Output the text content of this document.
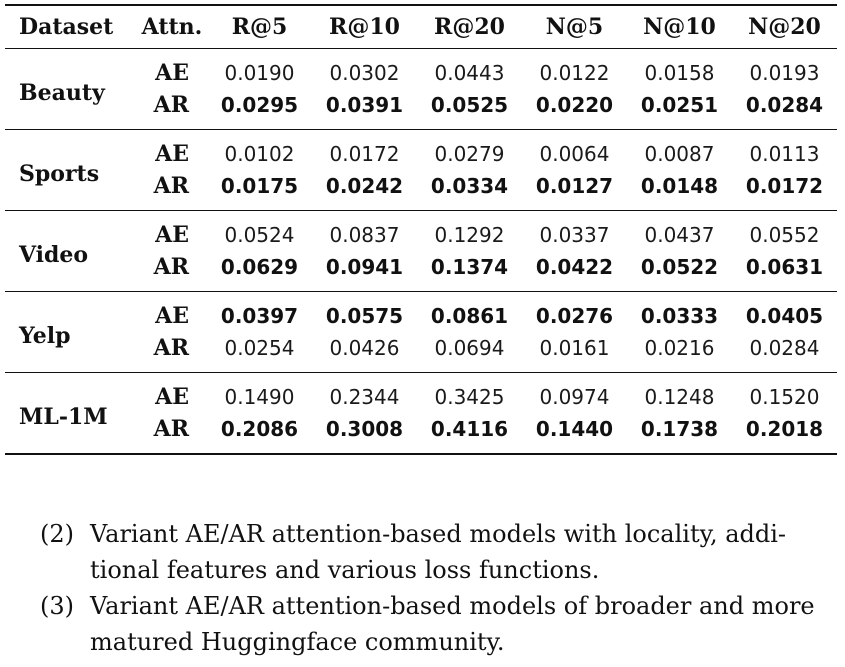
Dataset	Attn.	R@5	R@10	R@20	N@5	N@10	N@20
Beauty	AE	0.0190	0.0302	0.0443	0.0122	0.0158	0.0193
	AR	0.0295	0.0391	0.0525	0.0220	0.0251	0.0284
Sports	AE	0.0102	0.0172	0.0279	0.0064	0.0087	0.0113
	AR	0.0175	0.0242	0.0334	0.0127	0.0148	0.0172
Video	AE	0.0524	0.0837	0.1292	0.0337	0.0437	0.0552
	AR	0.0629	0.0941	0.1374	0.0422	0.0522	0.0631
Yelp	AE	0.0397	0.0575	0.0861	0.0276	0.0333	0.0405
	AR	0.0254	0.0426	0.0694	0.0161	0.0216	0.0284
ML-1M	AE	0.1490	0.2344	0.3425	0.0974	0.1248	0.1520
	AR	0.2086	0.3008	0.4116	0.1440	0.1738	0.2018
(2) Variant AE/AR attention-based models with locality, addi-
tional features and various loss functions.
(3) Variant AE/AR attention-based models of broader and more
matured Huggingface community.
